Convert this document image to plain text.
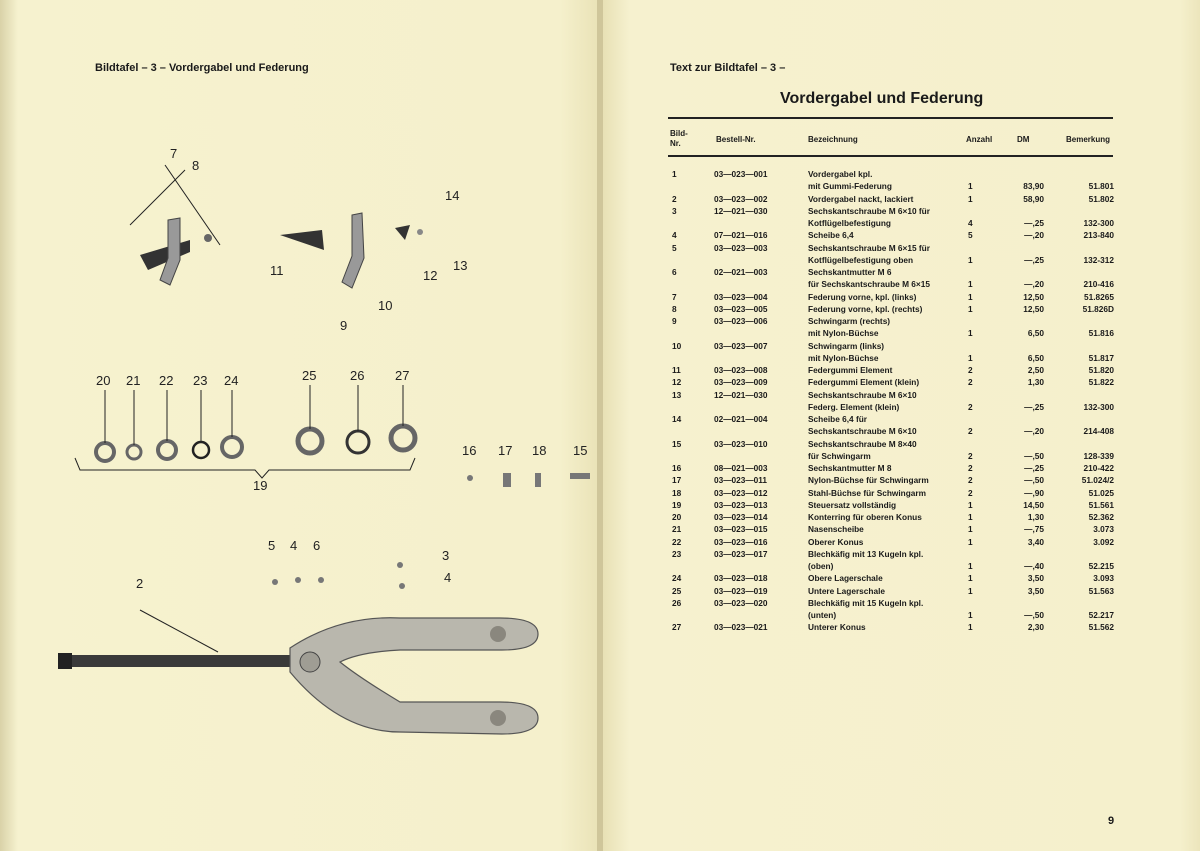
Bildtafel – 3 – Vordergabel und Federung
7
8
11
9
10
12
13
14
20 21 22 23 24	25	26 27
19
16 17 18 15
5 4 6
3
4
2
Text zur Bildtafel – 3 –
Vordergabel und Federung
Bild-
Nr.	Bestell-Nr.	Bezeichnung	Anzahl	DM	Bemerkung
1	03—023—001	Vordergabel kpl.
mit Gummi-Federung	1	83,90	51.801
2	03—023—002	Vordergabel nackt, lackiert	1	58,90	51.802
3	12—021—030	Sechskantschraube M 6×10 für
Kotflügelbefestigung	4	—,25	132-300
4	07—021—016	Scheibe 6,4	5	—,20	213-840
5	03—023—003	Sechskantschraube M 6×15 für
Kotflügelbefestigung oben	1	—,25	132-312
6	02—021—003	Sechskantmutter M 6
für Sechskantschraube M 6×15	1	—,20	210-416
7	03—023—004	Federung vorne, kpl. (links)	1	12,50	51.8265
8	03—023—005	Federung vorne, kpl. (rechts)	1	12,50	51.826D
9	03—023—006	Schwingarm (rechts)
mit Nylon-Büchse	1	6,50	51.816
10	03—023—007	Schwingarm (links)
mit Nylon-Büchse	1	6,50	51.817
11	03—023—008	Federgummi Element	2	2,50	51.820
12	03—023—009	Federgummi Element (klein)	2	1,30	51.822
13	12—021—030	Sechskantschraube M 6×10
Federg. Element (klein)	2	—,25	132-300
14	02—021—004	Scheibe 6,4 für
Sechskantschraube M 6×10	2	—,20	214-408
15	03—023—010	Sechskantschraube M 8×40
für Schwingarm	2	—,50	128-339
16	08—021—003	Sechskantmutter M 8	2	—,25	210-422
17	03—023—011	Nylon-Büchse für Schwingarm	2	—,50	51.024/2
18	03—023—012	Stahl-Büchse für Schwingarm	2	—,90	51.025
19	03—023—013	Steuersatz vollständig	1	14,50	51.561
20	03—023—014	Konterring für oberen Konus	1	1,30	52.362
21	03—023—015	Nasenscheibe	1	—,75	3.073
22	03—023—016	Oberer Konus	1	3,40	3.092
23	03—023—017	Blechkäfig mit 13 Kugeln kpl.
(oben)	1	—,40	52.215
24	03—023—018	Obere Lagerschale	1	3,50	3.093
25	03—023—019	Untere Lagerschale	1	3,50	51.563
26	03—023—020	Blechkäfig mit 15 Kugeln kpl.
(unten)	1	—,50	52.217
27	03—023—021	Unterer Konus	1	2,30	51.562
9
